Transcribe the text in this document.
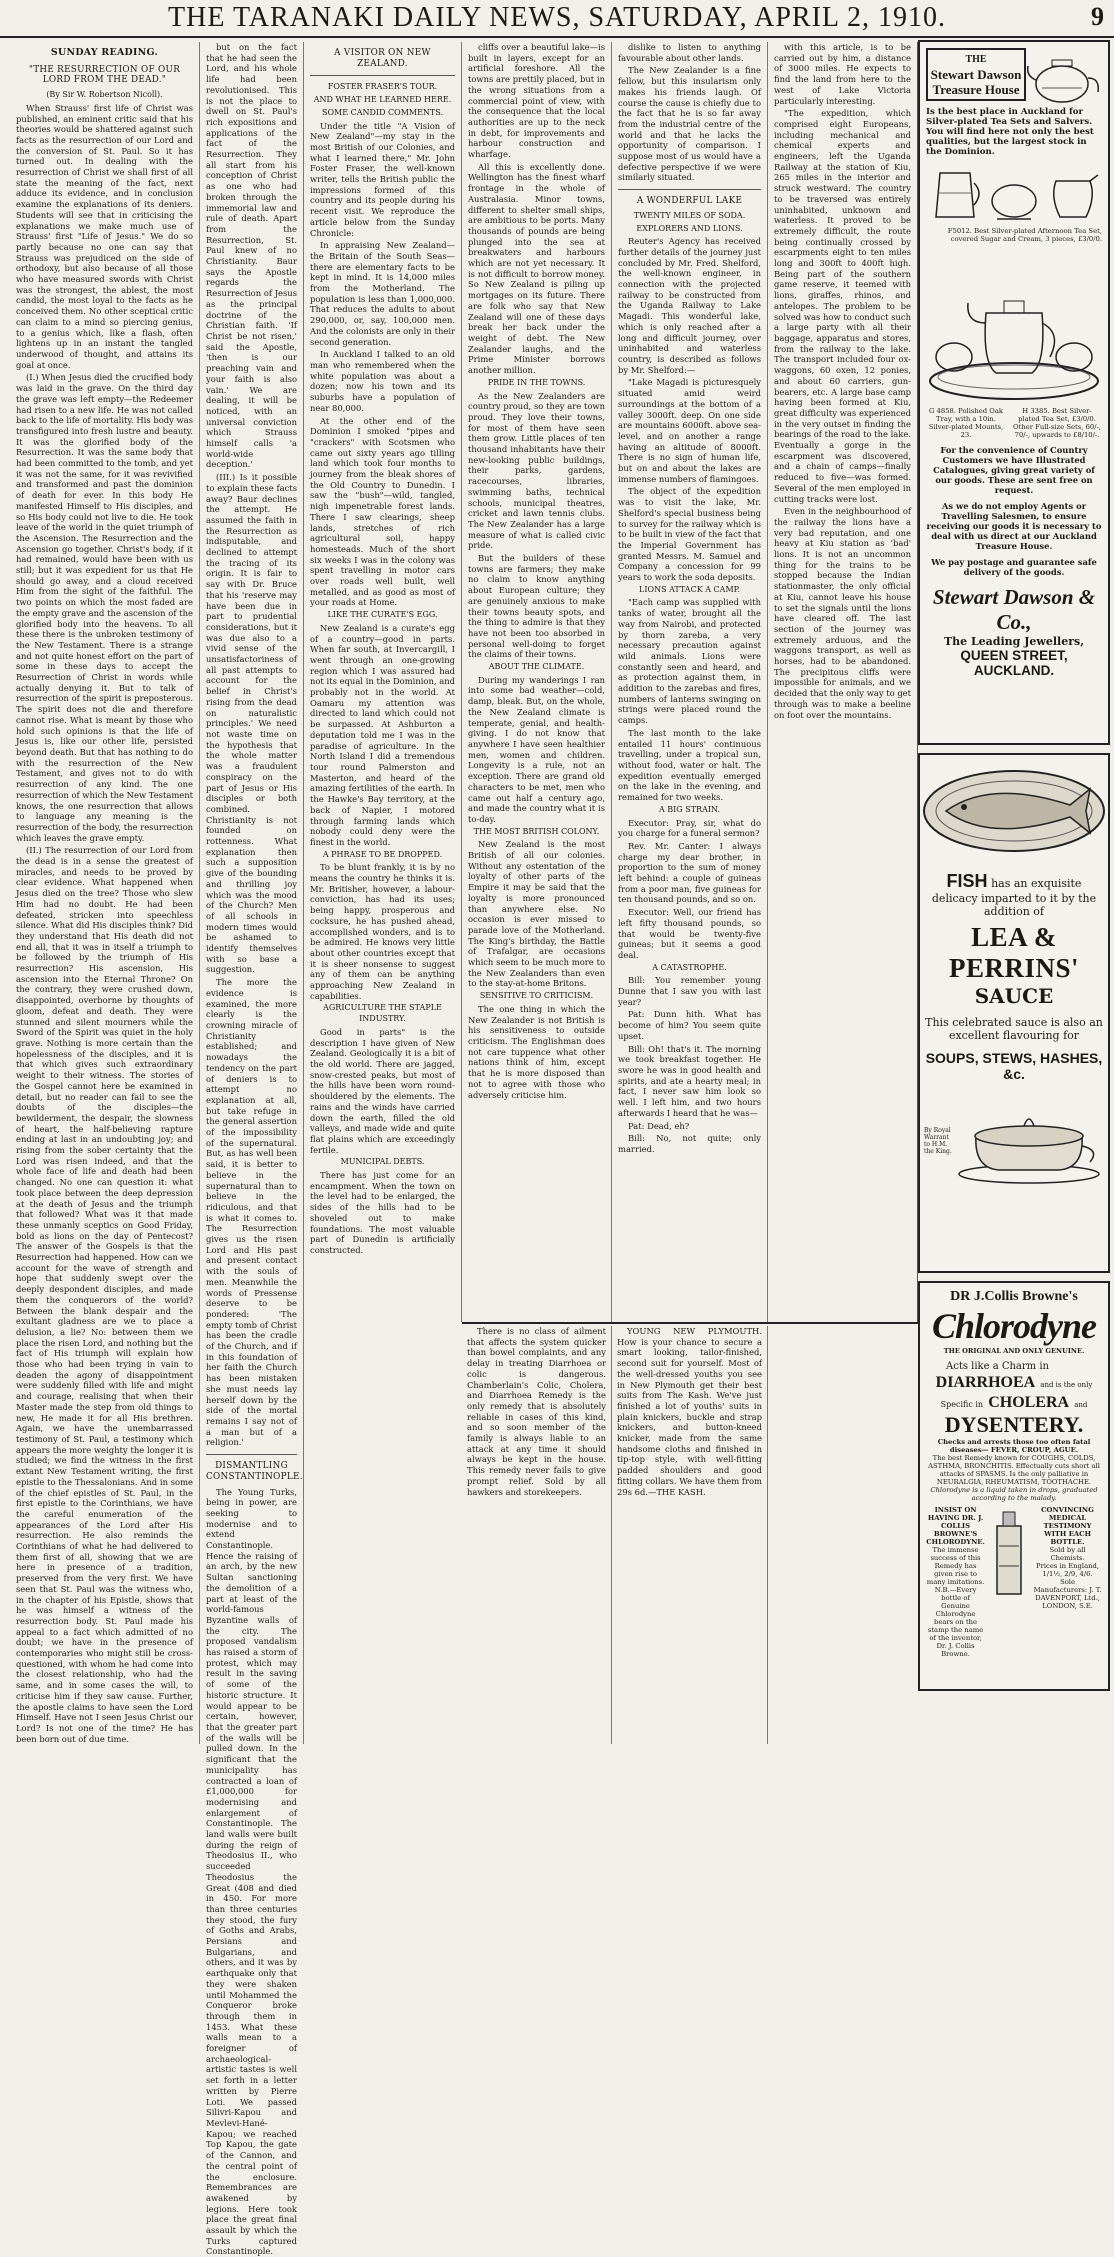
THE TARANAKI DAILY NEWS, SATURDAY, APRIL 2, 1910.	9
SUNDAY READING.
"THE RESURRECTION OF OUR LORD FROM THE DEAD."
(By Sir W. Robertson Nicoll).

When Strauss' first life of Christ was published, an eminent critic said that his theories would be shattered against such facts as the resurrection of our Lord and the conversion of St. Paul. So it has turned out. In dealing with the resurrection of Christ we shall first of all state the meaning of the fact, next adduce its evidence, and in conclusion examine the explanations of its deniers. Students will see that in criticising the explanations we make much use of Strauss' first "Life of Jesus." We do so partly because no one can say that Strauss was prejudiced on the side of orthodoxy, but also because of all those who have measured swords with Christ was the strongest, the ablest, the most candid, the most loyal to the facts as he conceived them. No other sceptical critic can claim to a mind so piercing genius, to a genius which, like a flash, often lightens up in an instant the tangled underwood of thought, and attains its goal at once.

(I.) When Jesus died the crucified body was laid in the grave. On the third day the grave was left empty—the Redeemer had risen to a new life. He was not called back to the life of mortality. His body was transfigured into fresh lustre and beauty. It was the glorified body of the Resurrection. It was the same body that had been committed to the tomb, and yet it was not the same, for it was revivified and transformed and past the dominion of death for ever. In this body He manifested Himself to His disciples, and so His body could not live to die. He took leave of the world in the quiet triumph of the Ascension. The Resurrection and the Ascension go together. Christ's body, if it had remained, would have been with us still; but it was expedient for us that He should go away, and a cloud received Him from the sight of the faithful. The two points on which the most faded are the empty grave and the ascension of the glorified body into the heavens. To all these there is the unbroken testimony of the New Testament. There is a strange and not quite honest effort on the part of some in these days to accept the Resurrection of Christ in words while actually denying it. But to talk of resurrection of the spirit is preposterous. The spirit does not die and therefore cannot rise. What is meant by those who hold such opinions is that the life of Jesus is, like our other life, persisted beyond death. But that has nothing to do with the resurrection of the New Testament, and gives not to do with resurrection of any kind. The one resurrection of which the New Testament knows, the one resurrection that allows to language any meaning is the resurrection of the body, the resurrection which leaves the grave empty.

(II.) The resurrection of our Lord from the dead is in a sense the greatest of miracles, and needs to be proved by clear evidence. What happened when Jesus died on the tree? Those who slew Him had no doubt. He had been defeated, stricken into speechless silence. What did His disciples think? Did they understand that His death did not end all, that it was in itself a triumph to be followed by the triumph of His resurrection? His ascension, His ascension into the Eternal Throne? On the contrary, they were crushed down, disappointed, overborne by thoughts of gloom, defeat and death. They were stunned and silent mourners while the Sword of the Spirit was quiet in the holy grave. Nothing is more certain than the hopelessness of the disciples, and it is that which gives such extraordinary weight to their witness. The stories of the Gospel cannot here be examined in detail, but no reader can fail to see the doubts of the disciples—the bewilderment, the despair, the slowness of heart, the half-believing rapture ending at last in an undoubting joy; and rising from the sober certainty that the Lord was risen indeed, and that the whole face of life and death had been changed. No one can question it: what took place between the deep depression at the death of Jesus and the triumph that followed? What was it that made these unmanly sceptics on Good Friday, bold as lions on the day of Pentecost? The answer of the Gospels is that the Resurrection had happened. How can we account for the wave of strength and hope that suddenly swept over the deeply despondent disciples, and made them the conquerors of the world? Between the blank despair and the exultant gladness are we to place a delusion, a lie? No: between them we place the risen Lord, and nothing but the fact of His triumph will explain how those who had been trying in vain to deaden the agony of disappointment were suddenly filled with life and might and courage, realising that when their Master made the step from old things to new, He made it for all His brethren. Again, we have the unembarrassed testimony of St. Paul, a testimony which appears the more weighty the longer it is studied; we find the witness in the first extant New Testament writing, the first epistle to the Thessalonians. And in some of the chief epistles of St. Paul, in the first epistle to the Corinthians, we have the careful enumeration of the appearances of the Lord after His resurrection. He also reminds the Corinthians of what he had delivered to them first of all, showing that we are here in presence of a tradition, preserved from the very first. We have seen that St. Paul was the witness who, in the chapter of his Epistle, shows that he was himself a witness of the resurrection body. St. Paul made his appeal to a fact which admitted of no doubt; we have in the presence of contemporaries who might still be cross-questioned, with whom he had come into the closest relationship, who had the same, and in some cases the will, to criticise him if they saw cause. Further, the apostle claims to have seen the Lord Himself. Have not I seen Jesus Christ our Lord? Is not one of the time? He has been born out of due time.

but on the fact that he had seen the Lord, and his whole life had been revolutionised. This is not the place to dwell on St. Paul's rich expositions and applications of the fact of the Resurrection. They all start from his conception of Christ as one who had broken through the immemorial law and rule of death. Apart from the Resurrection, St. Paul knew of no Christianity. Baur says the Apostle regards the Resurrection of Jesus as the principal doctrine of the Christian faith. 'If Christ be not risen,' said the Apostle, 'then is our preaching vain and your faith is also vain.' We are dealing, it will be noticed, with an universal conviction which Strauss himself calls 'a world-wide deception.'

(III.) Is it possible to explain these facts away? Baur declines the attempt. He assumed the faith in the Resurrection as indisputable, and declined to attempt the tracing of its origin. It is fair to say with Dr. Bruce that his 'reserve may have been due in part to prudential considerations, but it was due also to a vivid sense of the unsatisfactoriness of all past attempts to account for the belief in Christ's rising from the dead on naturalistic principles.' We need not waste time on the hypothesis that the whole matter was a fraudulent conspiracy on the part of Jesus or His disciples or both combined. Christianity is not founded on rottenness. What explanation then such a supposition give of the bounding and thrilling joy which was the mood of the Church? Men of all schools in modern times would be ashamed to identify themselves with so base a suggestion.

The more the evidence is examined, the more clearly is the crowning miracle of Christianity established; and nowadays the tendency on the part of deniers is to attempt no explanation at all, but take refuge in the general assertion of the impossibility of the supernatural. But, as has well been said, it is better to believe in the supernatural than to believe in the ridiculous, and that is what it comes to. The Resurrection gives us the risen Lord and His past and present contact with the souls of men. Meanwhile the words of Pressense deserve to be pondered: 'The empty tomb of Christ has been the cradle of the Church, and if in this foundation of her faith the Church has been mistaken she must needs lay herself down by the side of the mortal remains I say not of a man but of a religion.'

DISMANTLING CONSTANTINOPLE.

The Young Turks, being in power, are seeking to modernise and to extend Constantinople. Hence the raising of an arch, by the new Sultan sanctioning the demolition of a part at least of the world-famous Byzantine walls of the city. The proposed vandalism has raised a storm of protest, which may result in the saving of some of the historic structure. It would appear to be certain, however, that the greater part of the walls will be pulled down. In the significant that the municipality has contracted a loan of £1,000,000 for modernising and enlargement of Constantinople. The land walls were built during the reign of Theodosius II., who succeeded Theodosius the Great (408 and died in 450. For more than three centuries they stood, the fury of Goths and Arabs, Persians and Bulgarians, and others, and it was by earthquake only that they were shaken until Mohammed the Conqueror broke through them in 1453. What these walls mean to a foreigner of archaeological-artistic tastes is well set forth in a letter written by Pierre Loti. We passed Silivri-Kapou and Mevlevi-Hané-Kapou; we reached Top Kapou, the gate of the Cannon, and the central point of the enclosure. Remembrances are awakened by legions. Here took place the great final assault by which the Turks captured Constantinople.

A VISITOR ON NEW ZEALAND.
FOSTER FRASER'S TOUR.
AND WHAT HE LEARNED HERE.
SOME CANDID COMMENTS.

Under the title "A Vision of New Zealand"—my stay in the most British of our Colonies, and what I learned there," Mr. John Foster Fraser, the well-known writer, tells the British public the impressions formed of this country and its people during his recent visit. We reproduce the article below from the Sunday Chronicle:

In appraising New Zealand—the Britain of the South Seas—there are elementary facts to be kept in mind. It is 14,000 miles from the Motherland. The population is less than 1,000,000. That reduces the adults to about 290,000, or, say, 100,000 men. And the colonists are only in their second generation.

In Auckland I talked to an old man who remembered when the white population was about a dozen; now his town and its suburbs have a population of near 80,000.

At the other end of the Dominion I smoked "pipes and "crackers" with Scotsmen who came out sixty years ago tilling land which took four months to journey from the bleak shores of the Old Country to Dunedin. I saw the "bush"—wild, tangled, nigh impenetrable forest lands. There I saw clearings, sheep lands, stretches of rich agricultural soil, happy homesteads. Much of the short six weeks I was in the colony was spent travelling in motor cars over roads well built, well metalled, and as good as most of your roads at Home.

LIKE THE CURATE'S EGG.

New Zealand is a curate's egg of a country—good in parts. When far south, at Invercargill, I went through an one-growing region which I was assured had not its equal in the Dominion, and probably not in the world. At Oamaru my attention was directed to land which could not be surpassed. At Ashburton a deputation told me I was in the paradise of agriculture. In the North Island I did a tremendous tour round Palmerston and Masterton, and heard of the amazing fertilities of the earth. In the Hawke's Bay territory, at the back of Napier, I motored through farming lands which nobody could deny were the finest in the world.

A PHRASE TO BE DROPPED.

To be blunt frankly, it is by no means the country he thinks it is. Mr. Britisher, however, a labour-conviction, has had its uses; being happy, prosperous and cocksure, he has pushed ahead, accomplished wonders, and is to be admired. He knows very little about other countries except that it is sheer nonsense to suggest any of them can be anything approaching New Zealand in capabilities.

AGRICULTURE THE STAPLE INDUSTRY.

Good in parts" is the description I have given of New Zealand. Geologically it is a bit of the old world. There are jagged, snow-crested peaks, but most of the hills have been worn round-shouldered by the elements. The rains and the winds have carried down the earth, filled the old valleys, and made wide and quite flat plains which are exceedingly fertile.

MUNICIPAL DEBTS.

There has just come for an encampment. When the town on the level had to be enlarged, the sides of the hills had to be shoveled out to make foundations. The most valuable part of Dunedin is artificially constructed.

cliffs over a beautiful lake—is built in layers, except for an artificial foreshore. All the towns are prettily placed, but in the wrong situations from a commercial point of view, with the consequence that the local authorities are up to the neck in debt, for improvements and harbour construction and wharfage.

All this is excellently done. Wellington has the finest wharf frontage in the whole of Australasia. Minor towns, different to shelter small ships, are ambitious to be ports. Many thousands of pounds are being plunged into the sea at breakwaters and harbours which are not yet necessary. It is not difficult to borrow money. So New Zealand is piling up mortgages on its future. There are folk who say that New Zealand will one of these days break her back under the weight of debt. The New Zealander laughs, and the Prime Minister borrows another million.

PRIDE IN THE TOWNS.

As the New Zealanders are country proud, so they are town proud. They love their towns, for most of them have seen them grow. Little places of ten thousand inhabitants have their new-looking public buildings, their parks, gardens, racecourses, libraries, swimming baths, technical schools, municipal theatres, cricket and lawn tennis clubs. The New Zealander has a large measure of what is called civic pride.

But the builders of these towns are farmers; they make no claim to know anything about European culture; they are genuinely anxious to make their towns beauty spots, and the thing to admire is that they have not been too absorbed in personal well-doing to forget the claims of their towns.

ABOUT THE CLIMATE.

During my wanderings I ran into some bad weather—cold, damp, bleak. But, on the whole, the New Zealand climate is temperate, genial, and health-giving. I do not know that anywhere I have seen healthier men, women and children. Longevity is a rule, not an exception. There are grand old characters to be met, men who came out half a century ago, and made the country what it is to-day.

THE MOST BRITISH COLONY.

New Zealand is the most British of all our colonies. Without any ostentation of the loyalty of other parts of the Empire it may be said that the loyalty is more pronounced than anywhere else. No occasion is ever missed to parade love of the Motherland. The King's birthday, the Battle of Trafalgar, are occasions which seem to be much more to the New Zealanders than even to the stay-at-home Britons.

SENSITIVE TO CRITICISM.

The one thing in which the New Zealander is not British is his sensitiveness to outside criticism. The Englishman does not care tuppence what other nations think of him, except that he is more disposed than not to agree with those who adversely criticise him.

dislike to listen to anything favourable about other lands.

The New Zealander is a fine fellow, but this insularism only makes his friends laugh. Of course the cause is chiefly due to the fact that he is so far away from the industrial centre of the world and that he lacks the opportunity of comparison. I suppose most of us would have a defective perspective if we were similarly situated.

A WONDERFUL LAKE
TWENTY MILES OF SODA.
EXPLORERS AND LIONS.

Reuter's Agency has received further details of the journey just concluded by Mr. Fred. Shelford, the well-known engineer, in connection with the projected railway to be constructed from the Uganda Railway to Lake Magadi. This wonderful lake, which is only reached after a long and difficult journey, over uninhabited and waterless country, is described as follows by Mr. Shelford:—

"Lake Magadi is picturesquely situated amid weird surroundings at the bottom of a valley 3000ft. deep. On one side are mountains 6000ft. above sea-level, and on another a range having an altitude of 8000ft. There is no sign of human life, but on and about the lakes are immense numbers of flamingoes.

The object of the expedition was to visit the lake, Mr. Shelford's special business being to survey for the railway which is to be built in view of the fact that the Imperial Government has granted Messrs. M. Samuel and Company a concession for 99 years to work the soda deposits.

LIONS ATTACK A CAMP.

"Each camp was supplied with tanks of water, brought all the way from Nairobi, and protected by thorn zareba, a very necessary precaution against wild animals. Lions were constantly seen and heard, and as protection against them, in addition to the zarebas and fires, numbers of lanterns swinging on strings were placed round the camps.

The last month to the lake entailed 11 hours' continuous travelling, under a tropical sun, without food, water or halt. The expedition eventually emerged on the lake in the evening, and remained for two weeks.

A BIG STRAIN.

Executor: Pray, sir, what do you charge for a funeral sermon?

Rev. Mr. Canter: I always charge my dear brother, in proportion to the sum of money left behind: a couple of guineas from a poor man, five guineas for ten thousand pounds, and so on.

Executor: Well, our friend has left fifty thousand pounds, so that would be twenty-five guineas; but it seems a good deal.

A CATASTROPHE.

Bill: You remember young Dunne that I saw you with last year?

Pat: Dunn hith. What has become of him? You seem quite upset.

Bill: Oh! that's it. The morning we took breakfast together. He swore he was in good health and spirits, and ate a hearty meal; in fact, I never saw him look so well. I left him, and two hours afterwards I heard that he was—

Pat: Dead, eh?

Bill: No, not quite; only married.

with this article, is to be carried out by him, a distance of 3000 miles. He expects to find the land from here to the west of Lake Victoria particularly interesting.

"The expedition, which comprised eight Europeans, including mechanical and chemical experts and engineers, left the Uganda Railway at the station of Kiu, 265 miles in the interior and struck westward. The country to be traversed was entirely uninhabited, unknown and waterless. It proved to be extremely difficult, the route being continually crossed by escarpments eight to ten miles long and 300ft to 400ft high. Being part of the southern game reserve, it teemed with lions, giraffes, rhinos, and antelopes. The problem to be solved was how to conduct such a large party with all their baggage, apparatus and stores, from the railway to the lake. The transport included four ox-waggons, 60 oxen, 12 ponies, and about 60 carriers, gun-bearers, etc. A large base camp having been formed at Kiu, great difficulty was experienced in the very outset in finding the bearings of the road to the lake. Eventually a gorge in the escarpment was discovered, and a chain of camps—finally reduced to five—was formed. Several of the men employed in cutting tracks were lost.

Even in the neighbourhood of the railway the lions have a very bad reputation, and one heavy at Kiu station as 'bad' lions. It is not an uncommon thing for the trains to be stopped because the Indian stationmaster, the only official at Kiu, cannot leave his house to set the signals until the lions have cleared off. The last section of the journey was extremely arduous, and the waggons transport, as well as horses, had to be abandoned. The precipitous cliffs were impossible for animals, and we decided that the only way to get through was to make a beeline on foot over the mountains.

There is no class of ailment that affects the system quicker than bowel complaints, and any delay in treating Diarrhoea or colic is dangerous. Chamberlain's Colic, Cholera, and Diarrhoea Remedy is the only remedy that is absolutely reliable in cases of this kind, and so soon member of the family is always liable to an attack at any time it should always be kept in the house. This remedy never fails to give prompt relief. Sold by all hawkers and storekeepers.

YOUNG NEW PLYMOUTH. How is your chance to secure a smart looking, tailor-finished, second suit for yourself. Most of the well-dressed youths you see in New Plymouth get their best suits from The Kash. We've just finished a lot of youths' suits in plain knickers, buckle and strap knickers, and button-kneed knicker, made from the same handsome cloths and finished in tip-top style, with well-fitting padded shoulders and good fitting collars. We have them from 29s 6d.—THE KASH.

THE
Stewart Dawson
Treasure House
Is the best place in Auckland for Silver-plated Tea Sets and Salvers. You will find here not only the best qualities, but the largest stock in the Dominion.
F5012. Best Silver-plated Afternoon Tea Set, covered Sugar and Cream, 3 pieces, £3/0/0.
G 4858. Polished Oak Tray, with a 10in. Silver-plated Mounts, 23.
H 3385. Best Silver-plated Tea Set, £3/0/0. Other Full-size Sets, 60/-, 70/-, upwards to £8/10/-.
For the convenience of Country Customers we have Illustrated Catalogues, giving great variety of our goods. These are sent free on request.
As we do not employ Agents or Travelling Salesmen, to ensure receiving our goods it is necessary to deal with us direct at our Auckland Treasure House.
We pay postage and guarantee safe delivery of the goods.
Stewart Dawson & Co.,
The Leading Jewellers,
QUEEN STREET, AUCKLAND.
FISH has an exquisite delicacy imparted to it by the addition of
LEA & PERRINS'
SAUCE
This celebrated sauce is also an excellent flavouring for
SOUPS, STEWS, HASHES, &c.
By Royal Warrant to H.M. the King.
DR J.Collis Browne's
Chlorodyne
THE ORIGINAL AND ONLY GENUINE.
Acts like a Charm in
DIARRHOEA and is the only
Specific in CHOLERA and
DYSENTERY.
Checks and arrests those too often fatal diseases— FEVER, CROUP, AGUE.
The best Remedy known for COUGHS, COLDS, ASTHMA, BRONCHITIS. Effectually cuts short all attacks of SPASMS. Is the only palliative in NEURALGIA, RHEUMATISM, TOOTHACHE.
Chlorodyne is a liquid taken in drops, graduated according to the malady.
INSIST ON HAVING DR. J. COLLIS BROWNE'S CHLORODYNE.
The immense success of this Remedy has given rise to many imitations.
N.B.—Every bottle of Genuine Chlorodyne bears on the stamp the name of the inventor, Dr. J. Collis Browne.
CONVINCING MEDICAL TESTIMONY WITH EACH BOTTLE.
Sold by all Chemists.
Prices in England, 1/1½, 2/9, 4/6.
Sole Manufacturers: J. T. DAVENPORT, Ltd., LONDON, S.E.
